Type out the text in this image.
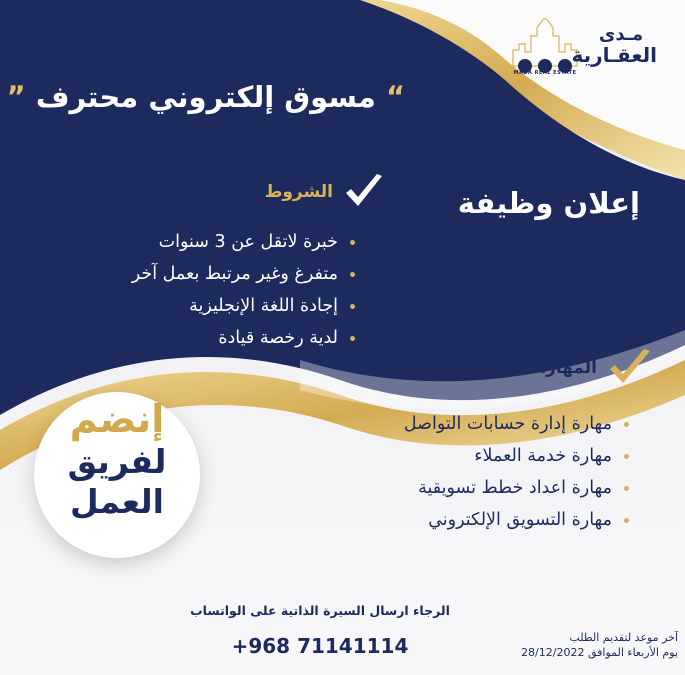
MADA REAL ESTATE
مـدى
العقـارية
“ مسوق إلكتروني محترف ”
إعلان وظيفة
الشروط
خبرة لاتقل عن 3 سنوات
متفرغ وغير مرتبط بعمل آخر
إجادة اللغة الإنجليزية
لدية رخصة قيادة
المهارات اللازمة
مهارة إدارة حسابات التواصل
مهارة خدمة العملاء
مهارة اعداد خطط تسويقية
مهارة التسويق الإلكتروني
إنضم
لفريق
العمل
الرجاء ارسال السيرة الذاتية على الواتساب
+968 71141114	آخر موعد لتقديم الطلب
يوم الأربعاء الموافق 28/12/2022
